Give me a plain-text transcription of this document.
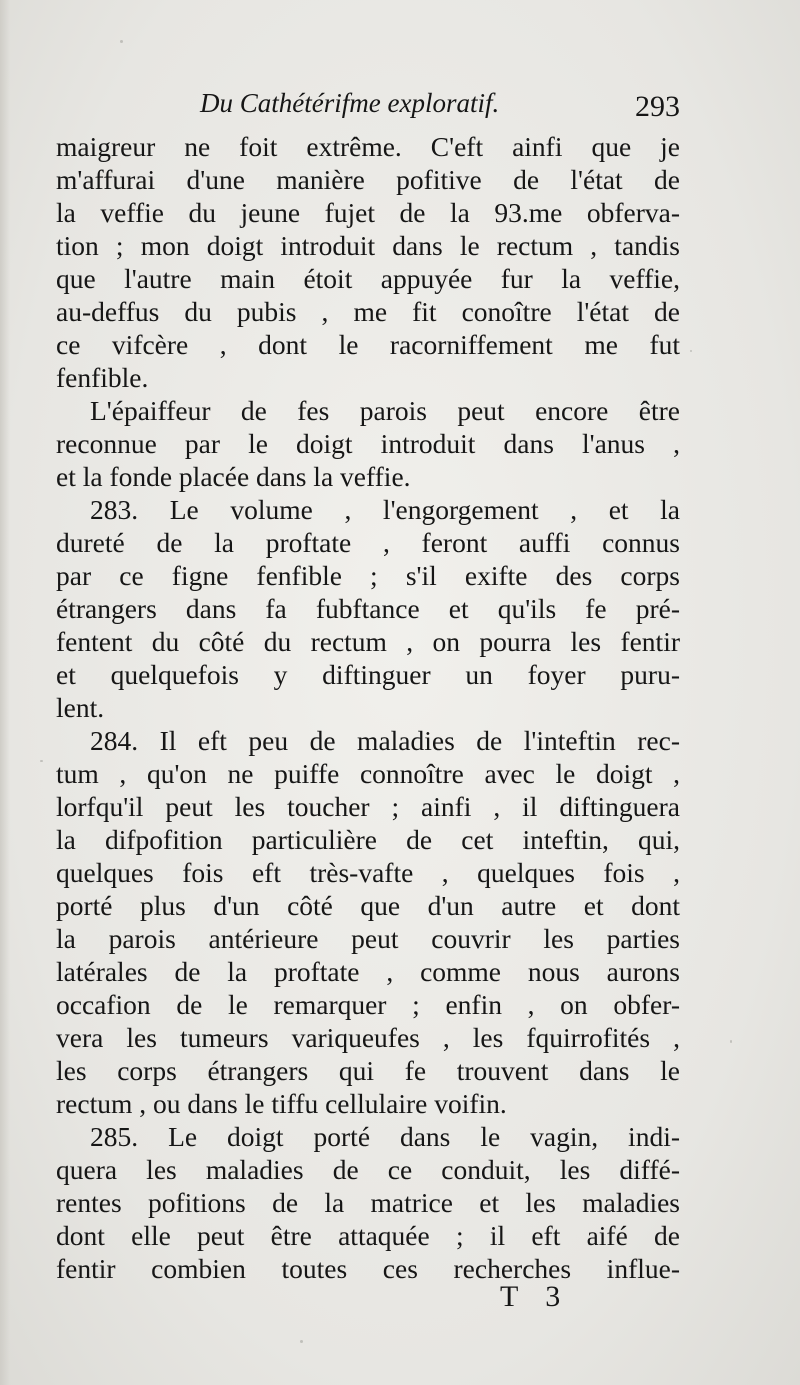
Du Cathétérifme exploratif.	293
maigreur ne foit extrême. C'eft ainfi que je
m'affurai d'une manière pofitive de l'état de
la veffie du jeune fujet de la 93.me obferva-
tion ; mon doigt introduit dans le rectum , tandis
que l'autre main étoit appuyée fur la veffie,
au-deffus du pubis , me fit conoître l'état de
ce vifcère , dont le racorniffement me fut
fenfible.
L'épaiffeur de fes parois peut encore être
reconnue par le doigt introduit dans l'anus ,
et la fonde placée dans la veffie.
283. Le volume , l'engorgement , et la
dureté de la proftate , feront auffi connus
par ce figne fenfible ; s'il exifte des corps
étrangers dans fa fubftance et qu'ils fe pré-
fentent du côté du rectum , on pourra les fentir
et quelquefois y diftinguer un foyer puru-
lent.
284. Il eft peu de maladies de l'inteftin rec-
tum , qu'on ne puiffe connoître avec le doigt ,
lorfqu'il peut les toucher ; ainfi , il diftinguera
la difpofition particulière de cet inteftin, qui,
quelques fois eft très-vafte , quelques fois ,
porté plus d'un côté que d'un autre et dont
la parois antérieure peut couvrir les parties
latérales de la proftate , comme nous aurons
occafion de le remarquer ; enfin , on obfer-
vera les tumeurs variqueufes , les fquirrofités ,
les corps étrangers qui fe trouvent dans le
rectum , ou dans le tiffu cellulaire voifin.
285. Le doigt porté dans le vagin, indi-
quera les maladies de ce conduit, les diffé-
rentes pofitions de la matrice et les maladies
dont elle peut être attaquée ; il eft aifé de
fentir combien toutes ces recherches influe-
T 3
